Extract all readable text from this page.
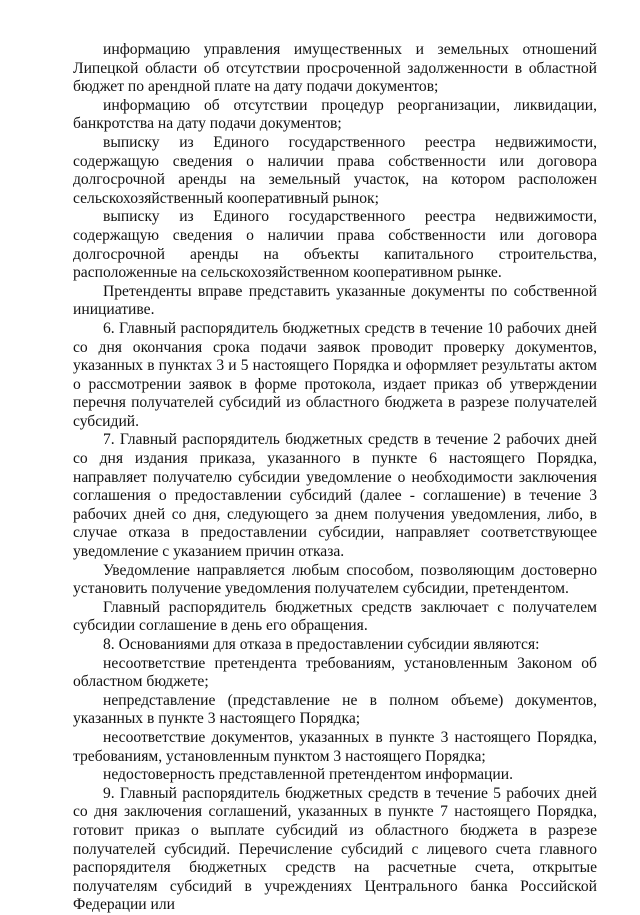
информацию управления имущественных и земельных отношений Липецкой области об отсутствии просроченной задолженности в областной бюджет по арендной плате на дату подачи документов;

информацию об отсутствии процедур реорганизации, ликвидации, банкротства на дату подачи документов;

выписку из Единого государственного реестра недвижимости, содержащую сведения о наличии права собственности или договора долгосрочной аренды на земельный участок, на котором расположен сельскохозяйственный кооперативный рынок;

выписку из Единого государственного реестра недвижимости, содержащую сведения о наличии права собственности или договора долгосрочной аренды на объекты капитального строительства, расположенные на сельскохозяйственном кооперативном рынке.

Претенденты вправе представить указанные документы по собственной инициативе.

6. Главный распорядитель бюджетных средств в течение 10 рабочих дней со дня окончания срока подачи заявок проводит проверку документов, указанных в пунктах 3 и 5 настоящего Порядка и оформляет результаты актом о рассмотрении заявок в форме протокола, издает приказ об утверждении перечня получателей субсидий из областного бюджета в разрезе получателей субсидий.

7. Главный распорядитель бюджетных средств в течение 2 рабочих дней со дня издания приказа, указанного в пункте 6 настоящего Порядка, направляет получателю субсидии уведомление о необходимости заключения соглашения о предоставлении субсидий (далее - соглашение) в течение 3 рабочих дней со дня, следующего за днем получения уведомления, либо, в случае отказа в предоставлении субсидии, направляет соответствующее уведомление с указанием причин отказа.

Уведомление направляется любым способом, позволяющим достоверно установить получение уведомления получателем субсидии, претендентом.

Главный распорядитель бюджетных средств заключает с получателем субсидии соглашение в день его обращения.

8. Основаниями для отказа в предоставлении субсидии являются:

несоответствие претендента требованиям, установленным Законом об областном бюджете;

непредставление (представление не в полном объеме) документов, указанных в пункте 3 настоящего Порядка;

несоответствие документов, указанных в пункте 3 настоящего Порядка, требованиям, установленным пунктом 3 настоящего Порядка;

недостоверность представленной претендентом информации.

9. Главный распорядитель бюджетных средств в течение 5 рабочих дней со дня заключения соглашений, указанных в пункте 7 настоящего Порядка, готовит приказ о выплате субсидий из областного бюджета в разрезе получателей субсидий. Перечисление субсидий с лицевого счета главного распорядителя бюджетных средств на расчетные счета, открытые получателям субсидий в учреждениях Центрального банка Российской Федерации или
